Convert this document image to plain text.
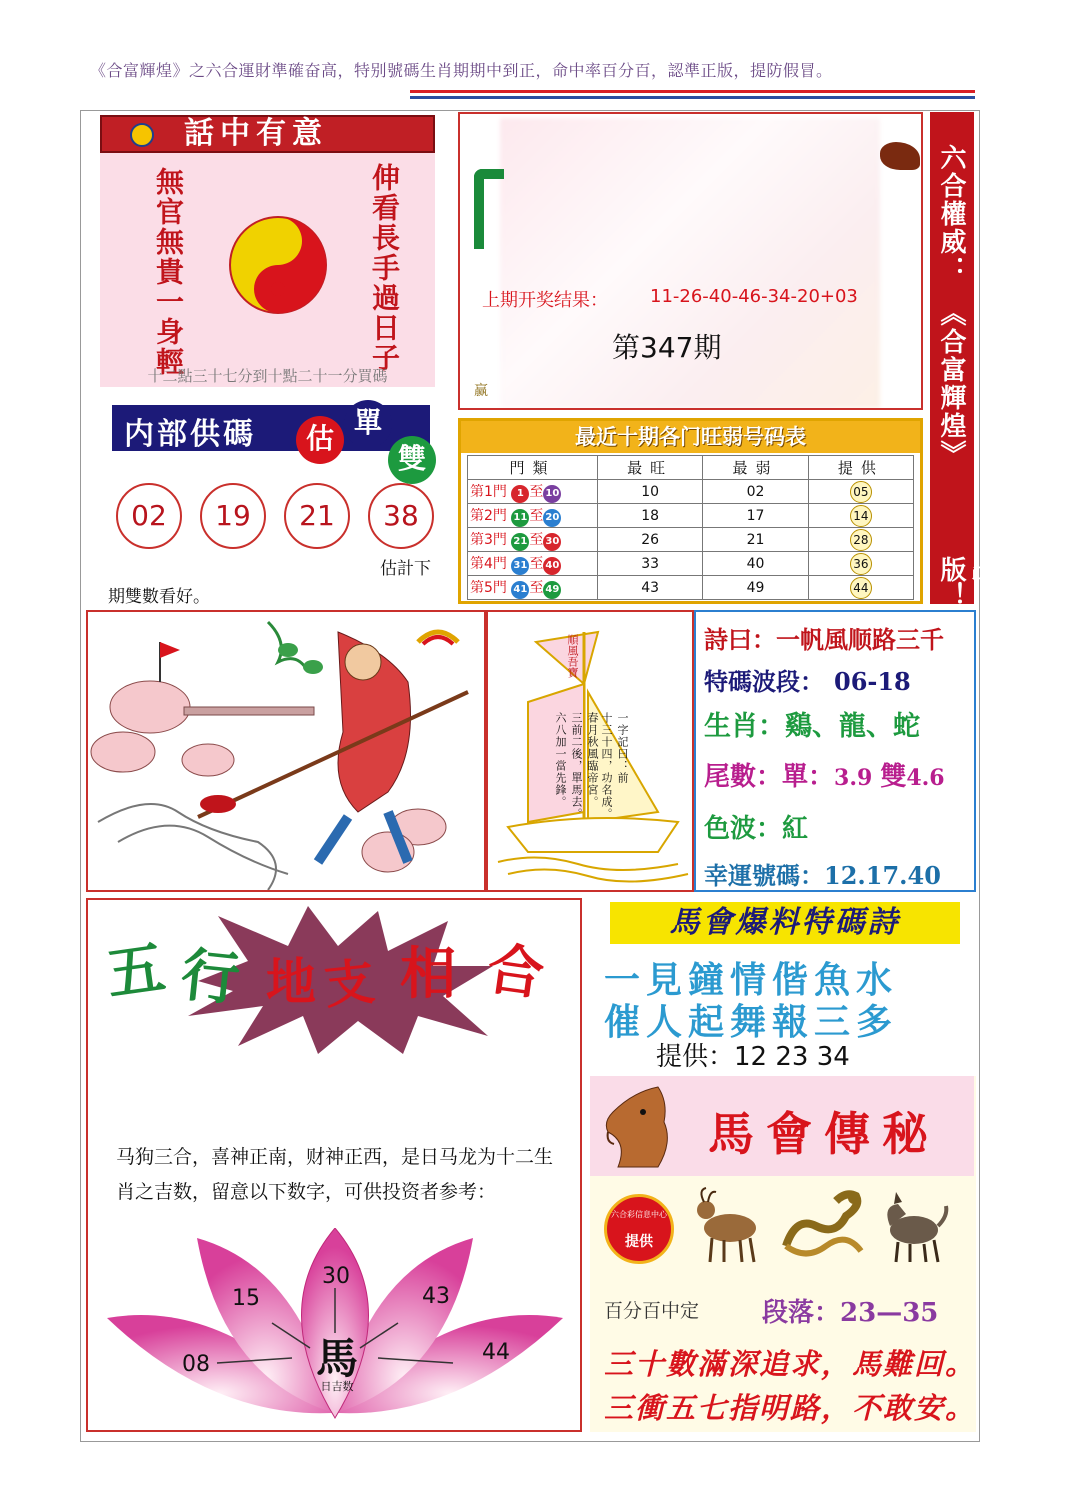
《合富輝煌》之六合運財準確奋高，特别號碼生肖期期中到正，命中率百分百，認準正版，提防假冒。
話中有意
無官無貴一身輕	伸看長手過日子
十二點三十七分到十點二十一分買碼
上期开奖结果： 11-26-40-46-34-20+03
第347期
赢
六合權威：
《合富輝煌》
强勢出版！
内部供碼	估 單
雙
02	19	21	38
估計下
期雙數看好。
最近十期各门旺弱号码表
門類	最旺	最弱	提供
第1門 1 至 10	10	02	05
第2門 11 至 20	18	17	14
第3門 21 至 30	26	21	28
第4門 31 至 40	33	40	36
第5門 41 至 49	43	49	44
順風吾寶
一字記曰：前
十三十四，功名成。
春月秋風臨帝宮。
三前二後，單馬去。
六八加一當先鋒。
詩曰：一帆風顺路三千
特碼波段： 06-18
生肖：鷄、龍、蛇
尾數：單：3.9 雙4.6
色波：紅
幸運號碼：12.17.40
五 行 地 支 相 合
马狗三合，喜神正南，财神正西，是日马龙为十二生肖之吉数，留意以下数字，可供投资者参考：
馬
日吉数
08
15
30
43
44
馬會爆料特碼詩
一見鐘情偕魚水
催人起舞報三多
提供：12 23 34
馬會傳秘
六合彩信息中心
提供
百分百中定 段落：23—35
三十數滿深追求，馬難回。
三衝五七指明路，不敢安。
